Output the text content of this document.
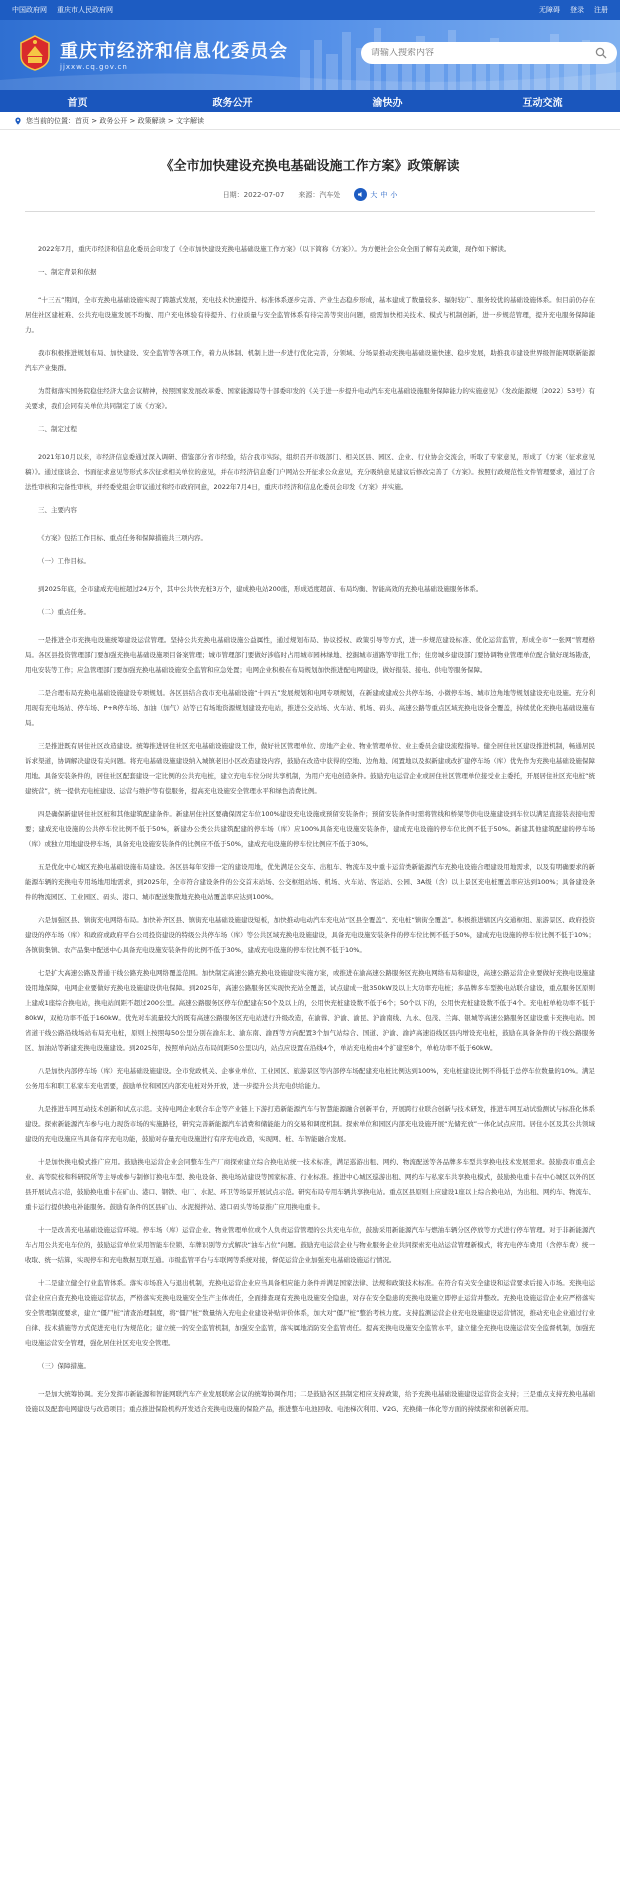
中国政府网 重庆市人民政府网	无障碍 登录 注册
重庆市经济和信息化委员会
jjxxw.cq.gov.cn
请输入搜索内容
首页	政务公开	渝快办	互动交流
您当前的位置：首页 > 政务公开 > 政策解读 > 文字解读
《全市加快建设充换电基础设施工作方案》政策解读
日期：2022-07-07 来源：汽车处	大 中 小

2022年7月，重庆市经济和信息化委员会印发了《全市加快建设充换电基础设施工作方案》（以下简称《方案》）。为方便社会公众全面了解有关政策，现作如下解读。

一、制定背景和依据

“十三五”期间，全市充换电基础设施实现了跨越式发展，充电技术快速提升、标准体系逐步完善、产业生态稳步形成，基本建成了数量较多、辐射较广、服务较优的基础设施体系。但目前仍存在居住社区建桩难、公共充电设施发展不均衡、用户充电体验有待提升、行业质量与安全监管体系有待完善等突出问题，亟需加快相关技术、模式与机制创新，进一步规范管理，提升充电服务保障能力。

我市积极推进规划布局、加快建设、安全监管等各项工作，着力从体制、机制上进一步进行优化完善，分领域、分场景推动充换电基础设施快速、稳步发展，助推我市建设世界级智能网联新能源汽车产业集群。

为贯彻落实国务院稳住经济大盘会议精神，按照国家发展改革委、国家能源局等十部委印发的《关于进一步提升电动汽车充电基础设施服务保障能力的实施意见》（发改能源规〔2022〕53号）有关要求，我们会同有关单位共同制定了该《方案》。

二、制定过程

2021年10月以来，市经济信息委通过深入调研、借鉴部分省市经验，结合我市实际，组织召开市级部门、相关区县、园区、企业、行业协会交流会，听取了专家意见，形成了《方案（征求意见稿）》。通过座谈会、书面征求意见等形式多次征求相关单位的意见，并在市经济信息委门户网站公开征求公众意见，充分吸纳意见建议后修改完善了《方案》。按照行政规范性文件管理要求，通过了合法性审核和完备性审核，并经委党组会审议通过和经市政府同意，2022年7月4日，重庆市经济和信息化委员会印发《方案》并实施。

三、主要内容

《方案》包括工作目标、重点任务和保障措施共三项内容。

（一）工作目标。

到2025年底，全市建成充电桩超过24万个，其中公共快充桩3万个，建成换电站200座，形成适度超前、布局均衡、智能高效的充换电基础设施服务体系。

（二）重点任务。

一是推进全市充换电设施统筹建设运营管理。坚持公共充换电基础设施公益属性，通过规划布局、协议授权、政策引导等方式，进一步规范建设标准、优化运营监管，形成全市“一张网”管理格局。各区县投资管理部门要加强充换电基础设施项目备案管理；城市管理部门要做好涉临时占用城市园林绿地、挖掘城市道路等审批工作；住房城乡建设部门要协调物业管理单位配合做好现场勘查，用电安装等工作；应急管理部门要加强充换电基础设施安全监管和应急处置；电网企业积极在布局规划加快推进配电网建设，做好报装、接电、供电等服务保障。

二是合理布局充换电基础设施建设专项规划。各区县结合我市充电基础设施“十四五”发展规划和电网专项规划，在新建或建成公共停车场、小微停车场、城市边角地等规划建设充电设施。充分利用现有充电场站、停车场、P+R停车场、加油（加气）站等已有场地资源规划建设充电站，推进公交站场、火车站、机场、码头、高速公路等重点区域充换电设备全覆盖，持续优化充换电基础设施布局。

三是推进既有居住社区改造建设。统筹推进居住社区充电基础设施建设工作，做好社区管理单位、房地产企业、物业管理单位、业主委员会建设流程指导。健全居住社区建设推进机制，畅通居民诉求渠道，协调解决建设有关问题。将充电基础设施建设纳入城镇老旧小区改造建设内容，鼓励在改造中获得的空地、边角地、闲置地以及拟新建或改扩建停车场（库）优先作为充换电基础设施保障用地。具备安装条件的，居住社区配套建设一定比例的公共充电桩，建立充电车位分时共享机制，为用户充电创造条件。鼓励充电运营企业或居住社区管理单位接受业主委托，开展居住社区充电桩“统建统营”，统一提供充电桩建设、运营与维护等有偿服务，提高充电设施安全管理水平和绿色消费比例。

四是确保新建居住社区桩和其他建筑配建条件。新建居住社区要确保固定车位100%建设充电设施或预留安装条件；预留安装条件时需将管线和桥架等供电设施建设到车位以满足直接装表接电需要；建成充电设施的公共停车位比例不低于50%，新建办公类公共建筑配建的停车场（库）应100%具备充电设施安装条件，建成充电设施的停车位比例不低于50%。新建其他建筑配建的停车场（库）或独立用地建设停车场，具备充电设施安装条件的比例应不低于50%，建成充电设施的停车位比例应不低于30%。

五是优化中心城区充换电基础设施布局建设。各区县每年安排一定的建设用地，优先满足公交车、出租车、物流车及中重卡运营类新能源汽车充换电设施合理建设用地需求，以及有明确要求的新能源车辆的充换电专用场地用地需求，到2025年，全市符合建设条件的公交首末站场、公交枢纽站场、机场、火车站、客运站、公园、3A级（含）以上景区充电桩覆盖率应达到100%；具备建设条件的物流园区、工业园区、码头、港口、城市配送集散地充换电站覆盖率应达到100%。

六是加强区县、镇街充电网络布局。加快补齐区县、镇街充电基础设施建设短板，加快推动电动汽车充电站“区县全覆盖”、充电桩“镇街全覆盖”。积极推进辖区内交通枢纽、旅游景区、政府投资建设的停车场（库）和政府或政府平台公司投资建设的特级公共停车场（库）等公共区域充换电设施建设，具备充电设施安装条件的停车位比例不低于50%，建成充电设施的停车位比例不低于10%；各镇街集镇、农产品集中配送中心具备充电设施安装条件的比例不低于30%，建成充电设施的停车位比例不低于10%。

七是扩大高速公路及普通干线公路充换电网络覆盖范围。加快制定高速公路充换电设施建设实施方案，或推进在渝高速公路服务区充换电网络布局和建设，高速公路运营企业要做好充换电设施建设用地保障，电网企业要做好充换电设施建设供电保障。到2025年，高速公路服务区实现快充站全覆盖，试点建成一批350kW及以上大功率充电桩；多品牌多车型换电站联合建设，重点服务区原则上建成1座综合换电站，换电站间距不超过200公里。高速公路服务区停车位配建在50个及以上的，公用快充桩建设数不低于6个；50个以下的，公用快充桩建设数不低于4个。充电桩单枪功率不低于80kW，双枪功率不低于160kW。优先对车流量较大的既有高速公路服务区充电站进行升级改造，在渝蓉、沪渝、渝昆、沪渝南线、九永、包茂、兰海、银城等高速公路服务区建设重卡充换电站。国省道干线公路沿线场站布局充电桩，原则上按照每50公里分别在渝东北、渝东南、渝西等方向配置3个加气站综合、国道、沪渝、渝泸高速沿线区县内增设充电桩，鼓励在具备条件的干线公路服务区、加油站等新建充换电设施建设。到2025年，按照单向站点布局间距50公里以内，站点应设置在沿线4个，单站充电枪由4个扩建至8个，单枪功率不低于60kW。

八是加快内部停车场（库）充电基础设施建设。全市党政机关、企事业单位、工业园区、旅游景区等内部停车场配建充电桩比例达到100%，充电桩建设比例不得低于总停车位数量的10%。满足公务用车和职工私家车充电需要，鼓励单位和园区内部充电桩对外开放，进一步提升公共充电供给能力。

九是推进车网互动技术创新和试点示范。支持电网企业联合车企等产业链上下游打造新能源汽车与智慧能源融合创新平台，开展跨行业联合创新与技术研发，推进车网互动试验测试与标准化体系建设。探索新能源汽车参与电力现货市场的实施路径，研究完善新能源汽车消费和储能能力的交易和调度机制。探索单位和园区内部充电设施开展“光储充放”一体化试点应用。居住小区及其公共领域建设的充电设施应当具备有序充电功能，鼓励对存量充电设施进行有序充电改造，实现网、桩、车智能融合发展。

十是加快换电模式推广应用。鼓励换电运营企业会同整车生产厂商探索建立综合换电站统一技术标准，满足巡游出租、网约、物流配送等各品牌多车型共享换电技术发展需求。鼓励我市重点企业、高等院校和科研院所等主导或参与制修订换电车型、换电设备、换电场站建设等国家标准、行业标准。推进中心城区巡游出租、网约车与私家车共享换电模式，鼓励换电重卡在中心城区以外的区县开展试点示范，鼓励换电重卡在矿山、港口、钢铁、电厂、水泥、环卫等场景开展试点示范。研究布局专用车辆共享换电站。重点区县原则上应建设1座以上综合换电站，为出租、网约车、物流车、重卡运行提供换电补能服务。鼓励有条件的区县矿山、水泥搅拌站、港口码头等场景推广应用换电重卡。

十一是改善充电基础设施运营环境。停车场（库）运营企业、物业管理单位或个人负责运营管理的公共充电车位，鼓励采用新能源汽车与燃油车辆分区停放等方式进行停车管理。对于非新能源汽车占用公共充电车位的，鼓励运营单位采用智能车位锁、车牌识别等方式解决“油车占位”问题。鼓励充电运营企业与物业服务企业共同探索充电站运营管理新模式，将充电停车费用（含停车费）统一收取、统一结算，实现停车和充电数据互联互通。市级监管平台与车联网等系统对接，督促运营企业加强充电基础设施运行情况。

十二是建立健全行业监管体系。落实市场准入与退出机制，充换电运营企业应当具备相应能力条件并满足国家法律、法规和政策技术标准。在符合有关安全建设和运营要求后接入市场。充换电运营企业应自查充换电设施运营状态，严格落实充换电设施安全生产主体责任，全面排查现有充换电设施安全隐患，对存在安全隐患的充换电设施立即停止运营并整改。充换电设施运营企业应严格落实安全管理制度要求，建立“僵尸桩”清查治理制度，将“僵尸桩”数量纳入充电企业建设补贴评价体系，加大对“僵尸桩”整治考核力度。支持监测运营企业充电设施建设运营情况，推动充电企业通过行业自律、技术措施等方式促进充电行为规范化；建立统一的安全监管机制，加强安全监管，落实属地消防安全监管责任。提高充换电设施安全监管水平，建立健全充换电设施运营安全监督机制，加强充电设施运营安全管理，强化居住社区充电安全管理。

（三）保障措施。

一是加大统筹协调。充分发挥市新能源和智能网联汽车产业发展联席会议的统筹协调作用；二是鼓励各区县制定相应支持政策，给予充换电基础设施建设运营资金支持；三是重点支持充换电基础设施以及配套电网建设与改造项目；重点推进保险机构开发适合充换电设施的保险产品，推进整车电池回收、电池梯次利用、V2G、充换储一体化等方面的持续探索和创新应用。
